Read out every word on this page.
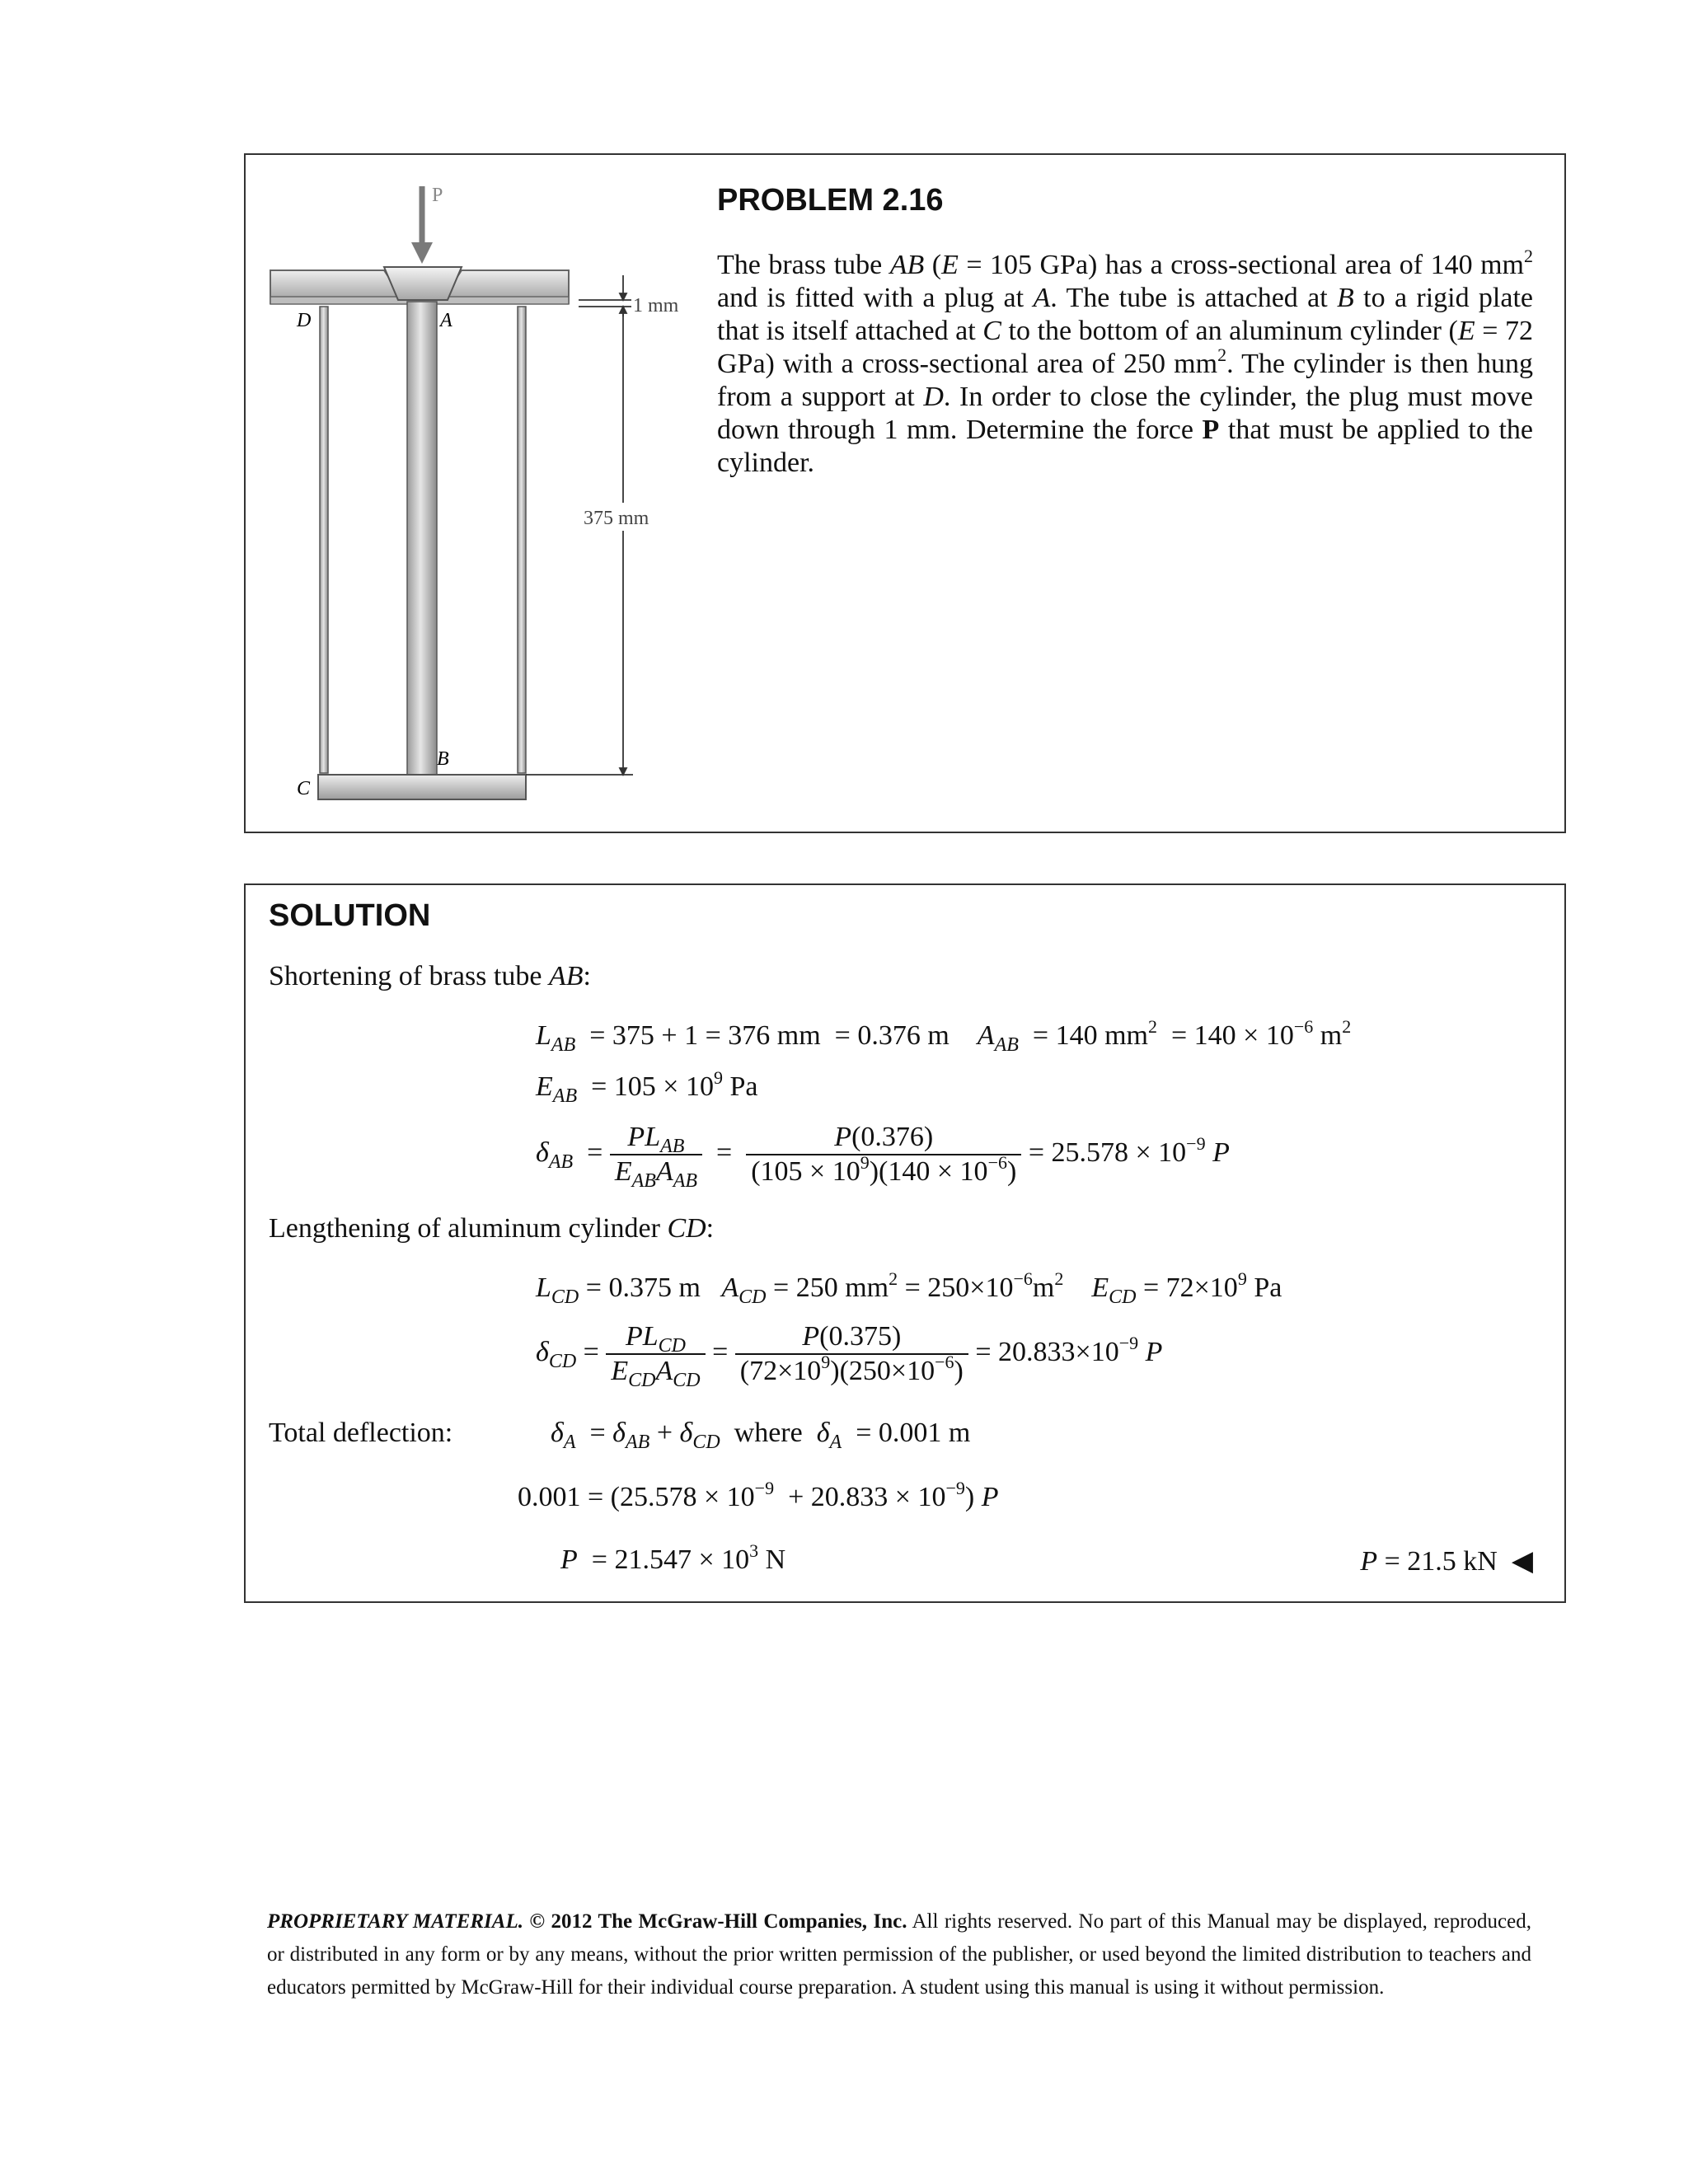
P
D	A
B
C
1 mm
375 mm
PROBLEM 2.16
The brass tube AB (E = 105 GPa) has a cross-sectional area of 140 $mm^2$ and is fitted with a plug at A. The tube is attached at B to a rigid plate that is itself attached at C to the bottom of an aluminum cylinder (E = 72 GPa) with a cross-sectional area of 250 $mm^2$. The cylinder is then hung from a support at D. In order to close the cylinder, the plug must move down through 1 mm. Determine the force P that must be applied to the cylinder.
SOLUTION
Shortening of brass tube AB:
$L_{AB} = 375 + 1 = 376$ mm  = 0.376 m    $A_{AB} = 140$ $mm^2 = 140 \times 10^{-6}$ $m^2$
$E_{AB} = 105 \times 10^9$ Pa
$\delta_{AB} = \frac{PL_{AB}}{E_{AB}A_{AB}} = \frac{P(0.376)}{(105 \times 10^9)(140 \times 10^{-6})} = 25.578 \times 10^{-9}$ P
Lengthening of aluminum cylinder CD:
$L_{CD} = 0.375$ m   $A_{CD} = 250$ $mm^2 = 250\times 10^{-6}m^2$ $E_{CD} = 72\times 10^9$ Pa
$\delta_{CD} = \frac{PL_{CD}}{E_{CD}A_{CD}} = \frac{P(0.375)}{(72\times 10^9)(250\times 10^{-6})} = 20.833\times 10^{-9}$ P
Total deflection:	$\delta_A = \delta_{AB} + \delta_{CD}$  where  $\delta_A = 0.001$ m
$0.001 = (25.578 \times 10^{-9} + 20.833 \times 10^{-9})$ P
$P = 21.547 \times 10^3$ N	P = 21.5 kN  ◀
PROPRIETARY MATERIAL. © 2012 The McGraw-Hill Companies, Inc. All rights reserved. No part of this Manual may be displayed, reproduced, or distributed in any form or by any means, without the prior written permission of the publisher, or used beyond the limited distribution to teachers and educators permitted by McGraw-Hill for their individual course preparation. A student using this manual is using it without permission.
